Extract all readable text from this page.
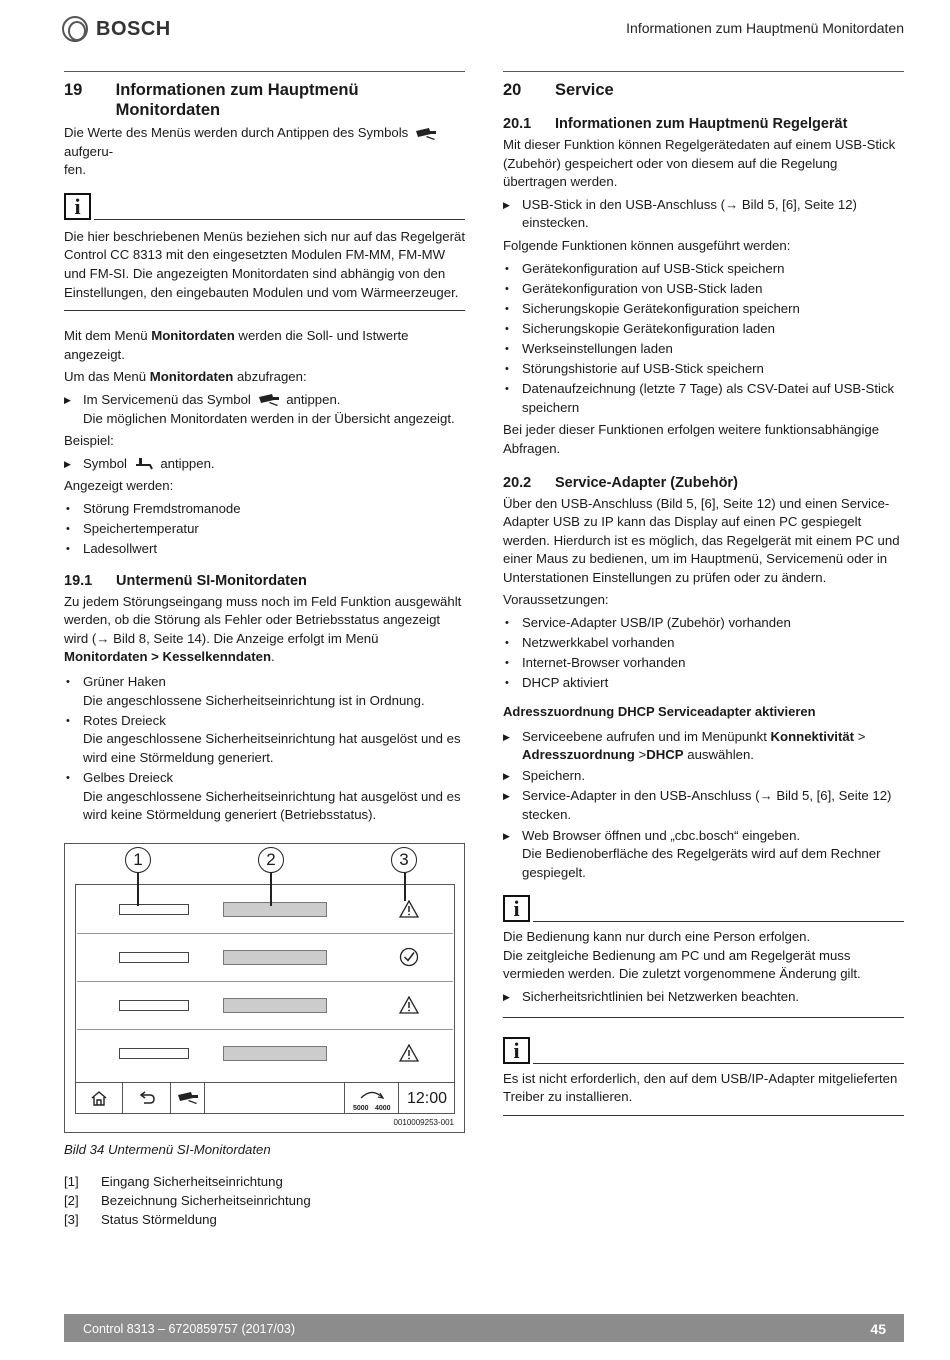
BOSCH	Informationen zum Hauptmenü Monitordaten
19	Informationen zum Hauptmenü Monitordaten

Die Werte des Menüs werden durch Antippen des Symbols  aufgeru-
fen.

i
Die hier beschriebenen Menüs beziehen sich nur auf das Regelgerät Control CC 8313 mit den eingesetzten Modulen FM-MM, FM-MW und FM-SI. Die angezeigten Monitordaten sind abhängig von den Einstellungen, den eingebauten Modulen und vom Wärmeerzeuger.

Mit dem Menü Monitordaten werden die Soll- und Istwerte angezeigt.

Um das Menü Monitordaten abzufragen:

▶ Im Servicemenü das Symbol	antippen.
Die möglichen Monitordaten werden in der Übersicht angezeigt.

Beispiel:

▶ Symbol	antippen.

Angezeigt werden:

• Störung Fremdstromanode
• Speichertemperatur
• Ladesollwert
19.1	Untermenü SI-Monitordaten

Zu jedem Störungseingang muss noch im Feld Funktion ausgewählt werden, ob die Störung als Fehler oder Betriebsstatus angezeigt wird (→ Bild 8, Seite 14). Die Anzeige erfolgt im Menü Monitordaten > Kesselkenndaten.

• Grüner Haken
Die angeschlossene Sicherheitseinrichtung ist in Ordnung.
• Rotes Dreieck
Die angeschlossene Sicherheitseinrichtung hat ausgelöst und es wird eine Störmeldung generiert.
• Gelbes Dreieck
Die angeschlossene Sicherheitseinrichtung hat ausgelöst und es wird keine Störmeldung generiert (Betriebsstatus).
5000 4000
12:00
1	2	3
0010009253-001
Bild 34 Untermenü SI-Monitordaten
[1]	Eingang Sicherheitseinrichtung
[2]	Bezeichnung Sicherheitseinrichtung
[3]	Status Störmeldung
20	Service
20.1	Informationen zum Hauptmenü Regelgerät

Mit dieser Funktion können Regelgerätedaten auf einem USB-Stick (Zubehör) gespeichert oder von diesem auf die Regelung übertragen werden.

▶ USB-Stick in den USB-Anschluss (→ Bild 5, [6], Seite 12) einstecken.

Folgende Funktionen können ausgeführt werden:

• Gerätekonfiguration auf USB-Stick speichern
• Gerätekonfiguration von USB-Stick laden
• Sicherungskopie Gerätekonfiguration speichern
• Sicherungskopie Gerätekonfiguration laden
• Werkseinstellungen laden
• Störungshistorie auf USB-Stick speichern
• Datenaufzeichnung (letzte 7 Tage) als CSV-Datei auf USB-Stick speichern

Bei jeder dieser Funktionen erfolgen weitere funktionsabhängige Abfragen.

20.2	Service-Adapter (Zubehör)

Über den USB-Anschluss (Bild 5, [6], Seite 12) und einen Service-Adapter USB zu IP kann das Display auf einen PC gespiegelt werden. Hierdurch ist es möglich, das Regelgerät mit einem PC und einer Maus zu bedienen, um im Hauptmenü, Servicemenü oder in Unterstationen Einstellungen zu prüfen oder zu ändern.

Voraussetzungen:

• Service-Adapter USB/IP (Zubehör) vorhanden
• Netzwerkkabel vorhanden
• Internet-Browser vorhanden
• DHCP aktiviert
Adresszuordnung DHCP Serviceadapter aktivieren
▶ Serviceebene aufrufen und im Menüpunkt Konnektivität > Adresszuordnung >DHCP auswählen.
▶ Speichern.
▶ Service-Adapter in den USB-Anschluss (→ Bild 5, [6], Seite 12) stecken.
▶ Web Browser öffnen und „cbc.bosch“ eingeben.
Die Bedienoberfläche des Regelgeräts wird auf dem Rechner gespiegelt.
i
Die Bedienung kann nur durch eine Person erfolgen.
Die zeitgleiche Bedienung am PC und am Regelgerät muss vermieden werden. Die zuletzt vorgenommene Änderung gilt.
▶ Sicherheitsrichtlinien bei Netzwerken beachten.
i
Es ist nicht erforderlich, den auf dem USB/IP-Adapter mitgelieferten Treiber zu installieren.
Control 8313 – 6720859757 (2017/03)	45
